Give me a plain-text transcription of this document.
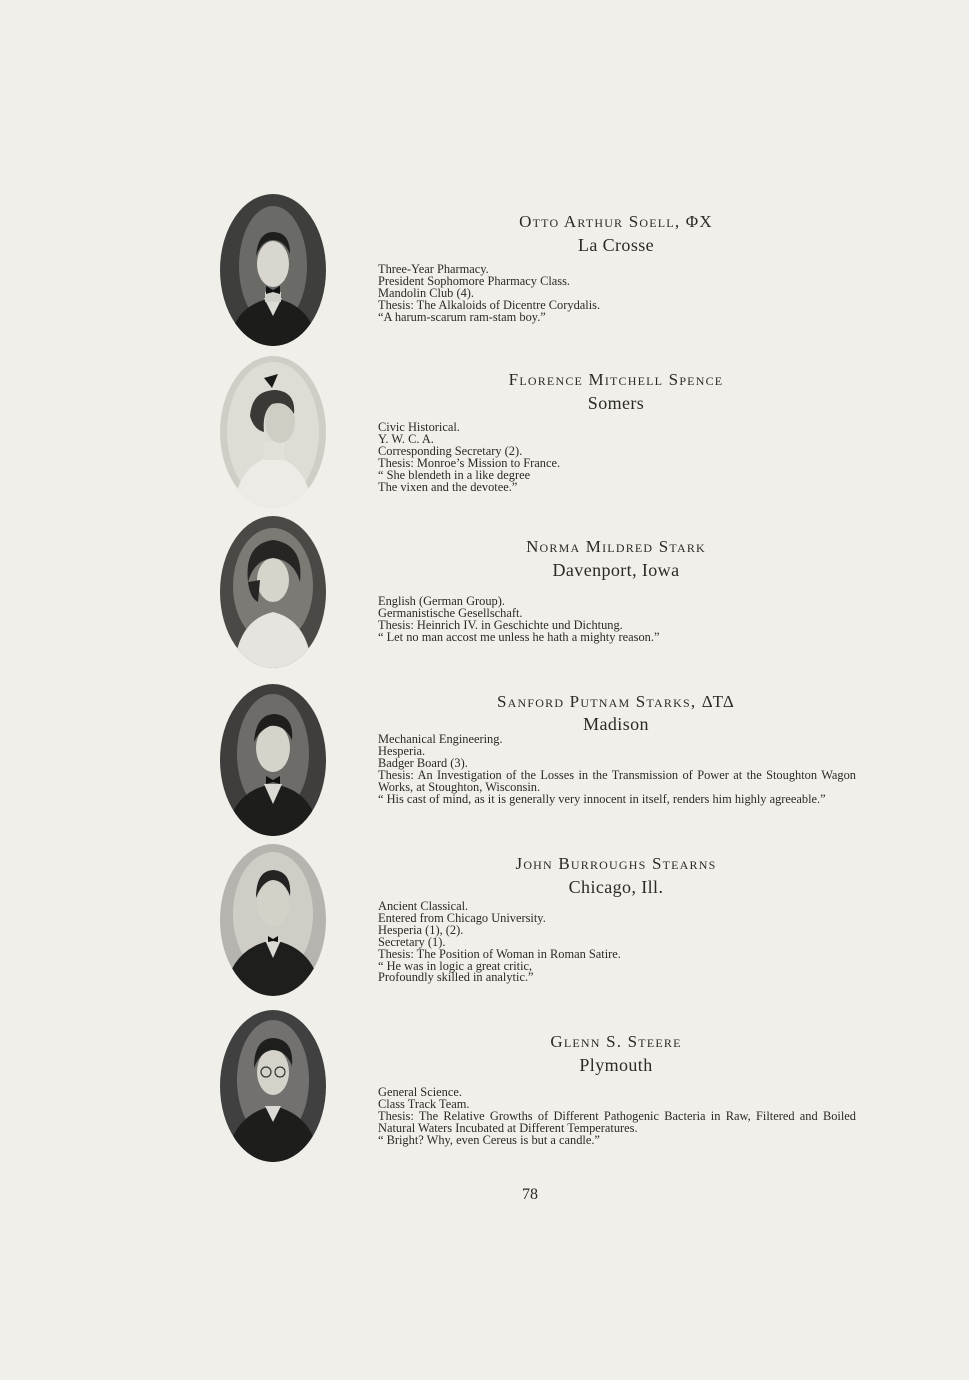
Otto Arthur Soell, ΦΧ
La Crosse
Three-Year Pharmacy.
President Sophomore Pharmacy Class.
Mandolin Club (4).
Thesis: The Alkaloids of Dicentre Corydalis.
“A harum-scarum ram-stam boy.”
Florence Mitchell Spence
Somers
Civic Historical.
Y. W. C. A.
Corresponding Secretary (2).
Thesis: Monroe’s Mission to France.
“ She blendeth in a like degree
The vixen and the devotee.”
Norma Mildred Stark
Davenport, Iowa
English (German Group).
Germanistische Gesellschaft.
Thesis: Heinrich IV. in Geschichte und Dichtung.
“ Let no man accost me unless he hath a mighty reason.”
Sanford Putnam Starks, ΔΤΔ
Madison
Mechanical Engineering.
Hesperia.
Badger Board (3).
Thesis: An Investigation of the Losses in the Transmission of Power at the Stoughton Wagon Works, at Stoughton, Wisconsin.
“ His cast of mind, as it is generally very innocent in itself, renders him highly agreeable.”
John Burroughs Stearns
Chicago, Ill.
Ancient Classical.
Entered from Chicago University.
Hesperia (1), (2).
Secretary (1).
Thesis: The Position of Woman in Roman Satire.
“ He was in logic a great critic,
Profoundly skilled in analytic.”
Glenn S. Steere
Plymouth
General Science.
Class Track Team.
Thesis: The Relative Growths of Different Pathogenic Bacteria in Raw, Filtered and Boiled Natural Waters Incubated at Different Temperatures.
“ Bright? Why, even Cereus is but a candle.”
78
